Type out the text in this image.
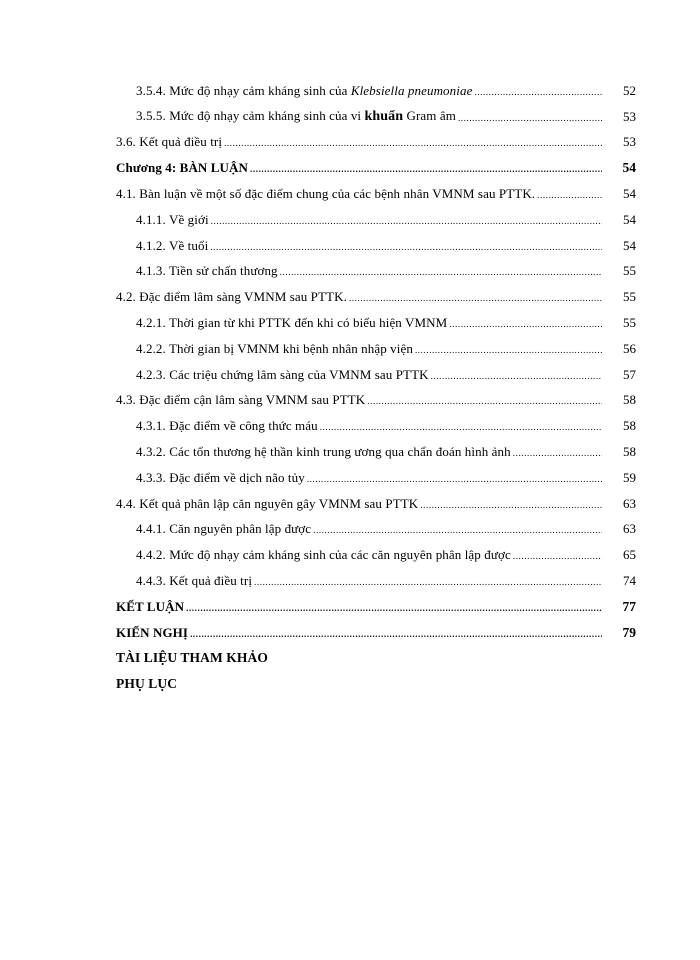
3.5.4. Mức độ nhạy cảm kháng sinh của Klebsiella pneumoniae .....	52
3.5.5. Mức độ nhạy cảm kháng sinh của vi khuẩn Gram âm .....	53
3.6. Kết quả điều trị .....	53
Chương 4: BÀN LUẬN .....	54
4.1. Bàn luận về một số đặc điểm chung của các bệnh nhân VMNM sau PTTK. .....	54
4.1.1. Về giới .....	54
4.1.2. Về tuổi .....	54
4.1.3. Tiền sử chấn thương .....	55
4.2. Đặc điểm lâm sàng VMNM sau PTTK. .....	55
4.2.1. Thời gian từ khi PTTK đến khi có biểu hiện VMNM .....	55
4.2.2. Thời gian bị VMNM khi bệnh nhân nhập viện .....	56
4.2.3. Các triệu chứng lâm sàng của VMNM sau PTTK .....	57
4.3. Đặc điểm cận lâm sàng VMNM sau PTTK .....	58
4.3.1. Đặc điểm về công thức máu .....	58
4.3.2. Các tổn thương hệ thần kinh trung ương qua chẩn đoán hình ảnh .....	58
4.3.3. Đặc điểm về dịch não tủy .....	59
4.4. Kết quả phân lập căn nguyên gây VMNM sau PTTK .....	63
4.4.1. Căn nguyên phân lập được .....	63
4.4.2. Mức độ nhạy cảm kháng sinh của các căn nguyên phân lập được .....	65
4.4.3. Kết quả điều trị .....	74
KẾT LUẬN .....	77
KIẾN NGHỊ .....	79
TÀI LIỆU THAM KHẢO
PHỤ LỤC
